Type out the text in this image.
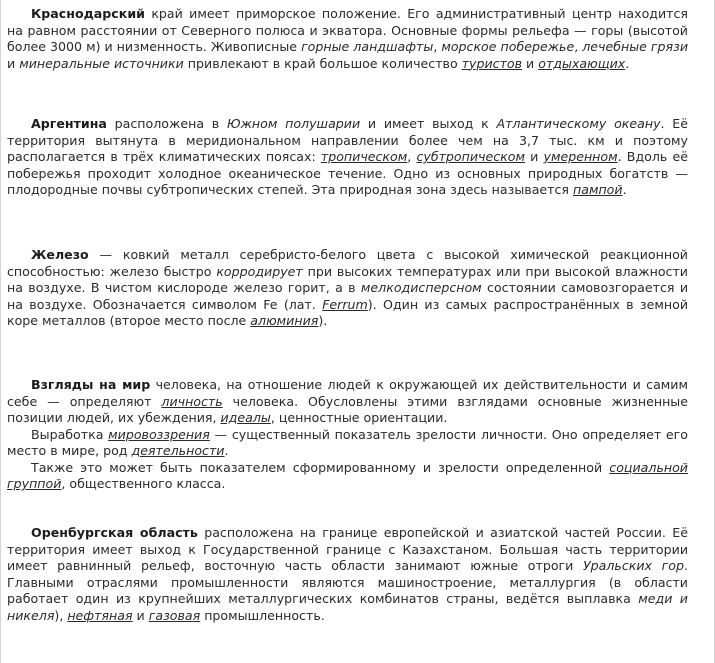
Краснодарский край имеет приморское положение. Его административный центр находится на равном расстоянии от Северного полюса и экватора. Основные формы рельефа — горы (высотой более 3000 м) и низменность. Живописные горные ландшафты, морское побережье, лечебные грязи и минеральные источники привлекают в край большое количество туристов и отдыхающих.

Аргентина расположена в Южном полушарии и имеет выход к Атлантическому океану. Её территория вытянута в меридиональном направлении более чем на 3,7 тыс. км и поэтому располагается в трёх климатических поясах: тропическом, субтропическом и умеренном. Вдоль её побережья проходит холодное океаническое течение. Одно из основных природных богатств — плодородные почвы субтропических степей. Эта природная зона здесь называется пампой.

Железо — ковкий металл серебристо-белого цвета с высокой химической реакционной способностью: железо быстро корродирует при высоких температурах или при высокой влажности на воздухе. В чистом кислороде железо горит, а в мелкодисперсном состоянии самовозгорается и на воздухе. Обозначается символом Fe (лат. Ferrum). Один из самых распространённых в земной коре металлов (второе место после алюминия).

Взгляды на мир человека, на отношение людей к окружающей их действительности и самим себе — определяют личность человека. Обусловлены этими взглядами основные жизненные позиции людей, их убеждения, идеалы, ценностные ориентации.

Выработка мировоззрения — существенный показатель зрелости личности. Оно определяет его место в мире, род деятельности.

Также это может быть показателем сформированному и зрелости определенной социальной группой, общественного класса.

Оренбургская область расположена на границе европейской и азиатской частей России. Её территория имеет выход к Государственной границе с Казахстаном. Большая часть территории имеет равнинный рельеф, восточную часть области занимают южные отроги Уральских гор. Главными отраслями промышленности являются машиностроение, металлургия (в области работает один из крупнейших металлургических комбинатов страны, ведётся выплавка меди и никеля), нефтяная и газовая промышленность.
